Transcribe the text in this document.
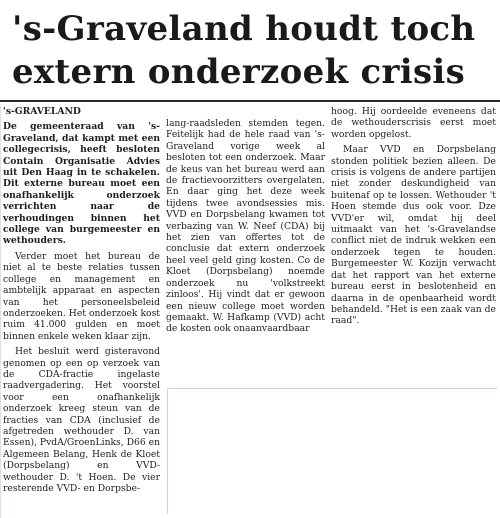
's-Graveland houdt toch
extern onderzoek crisis

's-GRAVELAND

De gemeenteraad van 's-Graveland, dat kampt met een collegecrisis, heeft besloten Contain Organisatie Advies uit Den Haag in te schakelen. Dit externe bureau moet een onafhankelijk onderzoek verrichten naar de verhoudingen binnen het college van burgemeester en wethouders.

Verder moet het bureau de niet al te beste relaties tussen college en management en ambtelijk apparaat en aspecten van het personeelsbeleid onderzoeken. Het onderzoek kost ruim 41.000 gulden en moet binnen enkele weken klaar zijn.

Het besluit werd gisteravond genomen op een op verzoek van de CDA-fractie ingelaste raadvergadering. Het voorstel voor een onafhankelijk onderzoek kreeg steun van de fracties van CDA (inclusief de afgetreden wethouder D. van Essen), PvdA/GroenLinks, D66 en Algemeen Belang, Henk de Kloet (Dorpsbelang) en VVD-wethouder D. 't Hoen. De vier resterende VVD- en Dorpsbe-

lang-raadsleden stemden tegen. Feitelijk had de hele raad van 's-Graveland vorige week al besloten tot een onderzoek. Maar de keus van het bureau werd aan de fractievoorzitters overgelaten. En daar ging het deze week tijdens twee avondsessies mis. VVD en Dorpsbelang kwamen tot verbazing van W. Neef (CDA) bij het zien van offertes tot de conclusie dat extern onderzoek heel veel geld ging kosten. Co de Kloet (Dorpsbelang) noemde onderzoek nu 'volkstreekt zinloos'. Hij vindt dat er gewoon een nieuw college moet worden gemaakt. W. Hafkamp (VVD) acht de kosten ook onaanvaardbaar

hoog. Hij oordeelde eveneens dat de wethouderscrisis eerst moet worden opgelost.

Maar VVD en Dorpsbelang stonden politiek bezien alleen. De crisis is volgens de andere partijen niet zonder deskundigheid van buitenaf op te lossen. Wethouder 't Hoen stemde dus ook voor. Dze VVD'er wil, omdat hij deel uitmaakt van het 's-Gravelandse conflict niet de indruk wekken een onderzoek tegen te houden. Burgemeester W. Kozijn verwacht dat het rapport van het externe bureau eerst in beslotenheid en daarna in de openbaarheid wordt behandeld. "Het is een zaak van de raad".
